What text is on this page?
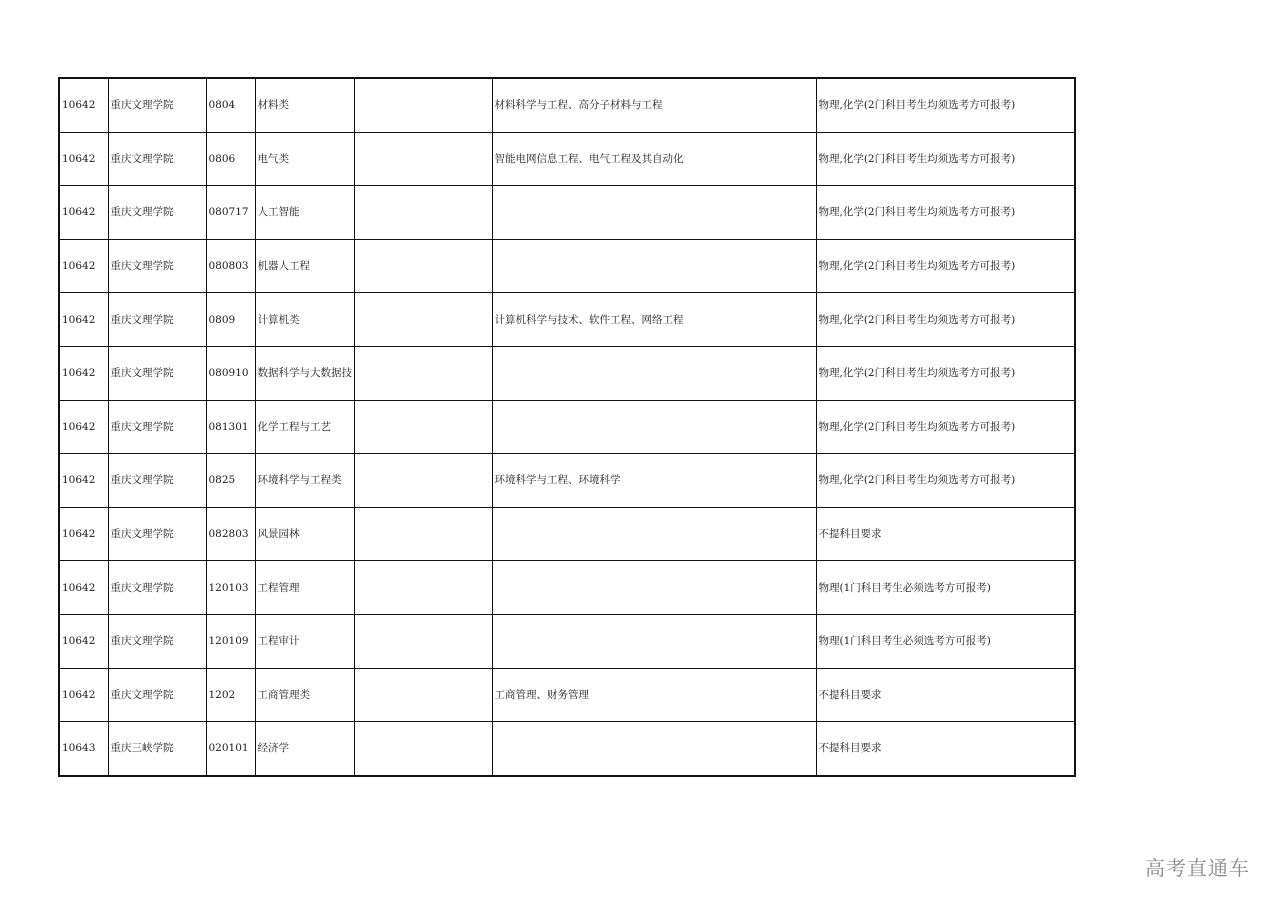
10642	重庆文理学院	0804	材料类		材料科学与工程、高分子材料与工程	物理,化学(2门科目考生均须选考方可报考)
10642	重庆文理学院	0806	电气类		智能电网信息工程、电气工程及其自动化	物理,化学(2门科目考生均须选考方可报考)
10642	重庆文理学院	080717	人工智能			物理,化学(2门科目考生均须选考方可报考)
10642	重庆文理学院	080803	机器人工程			物理,化学(2门科目考生均须选考方可报考)
10642	重庆文理学院	0809	计算机类		计算机科学与技术、软件工程、网络工程	物理,化学(2门科目考生均须选考方可报考)
10642	重庆文理学院	080910	数据科学与大数据技			物理,化学(2门科目考生均须选考方可报考)
10642	重庆文理学院	081301	化学工程与工艺			物理,化学(2门科目考生均须选考方可报考)
10642	重庆文理学院	0825	环境科学与工程类		环境科学与工程、环境科学	物理,化学(2门科目考生均须选考方可报考)
10642	重庆文理学院	082803	风景园林			不提科目要求
10642	重庆文理学院	120103	工程管理			物理(1门科目考生必须选考方可报考)
10642	重庆文理学院	120109	工程审计			物理(1门科目考生必须选考方可报考)
10642	重庆文理学院	1202	工商管理类		工商管理、财务管理	不提科目要求
10643	重庆三峡学院	020101	经济学			不提科目要求
高考直通车
